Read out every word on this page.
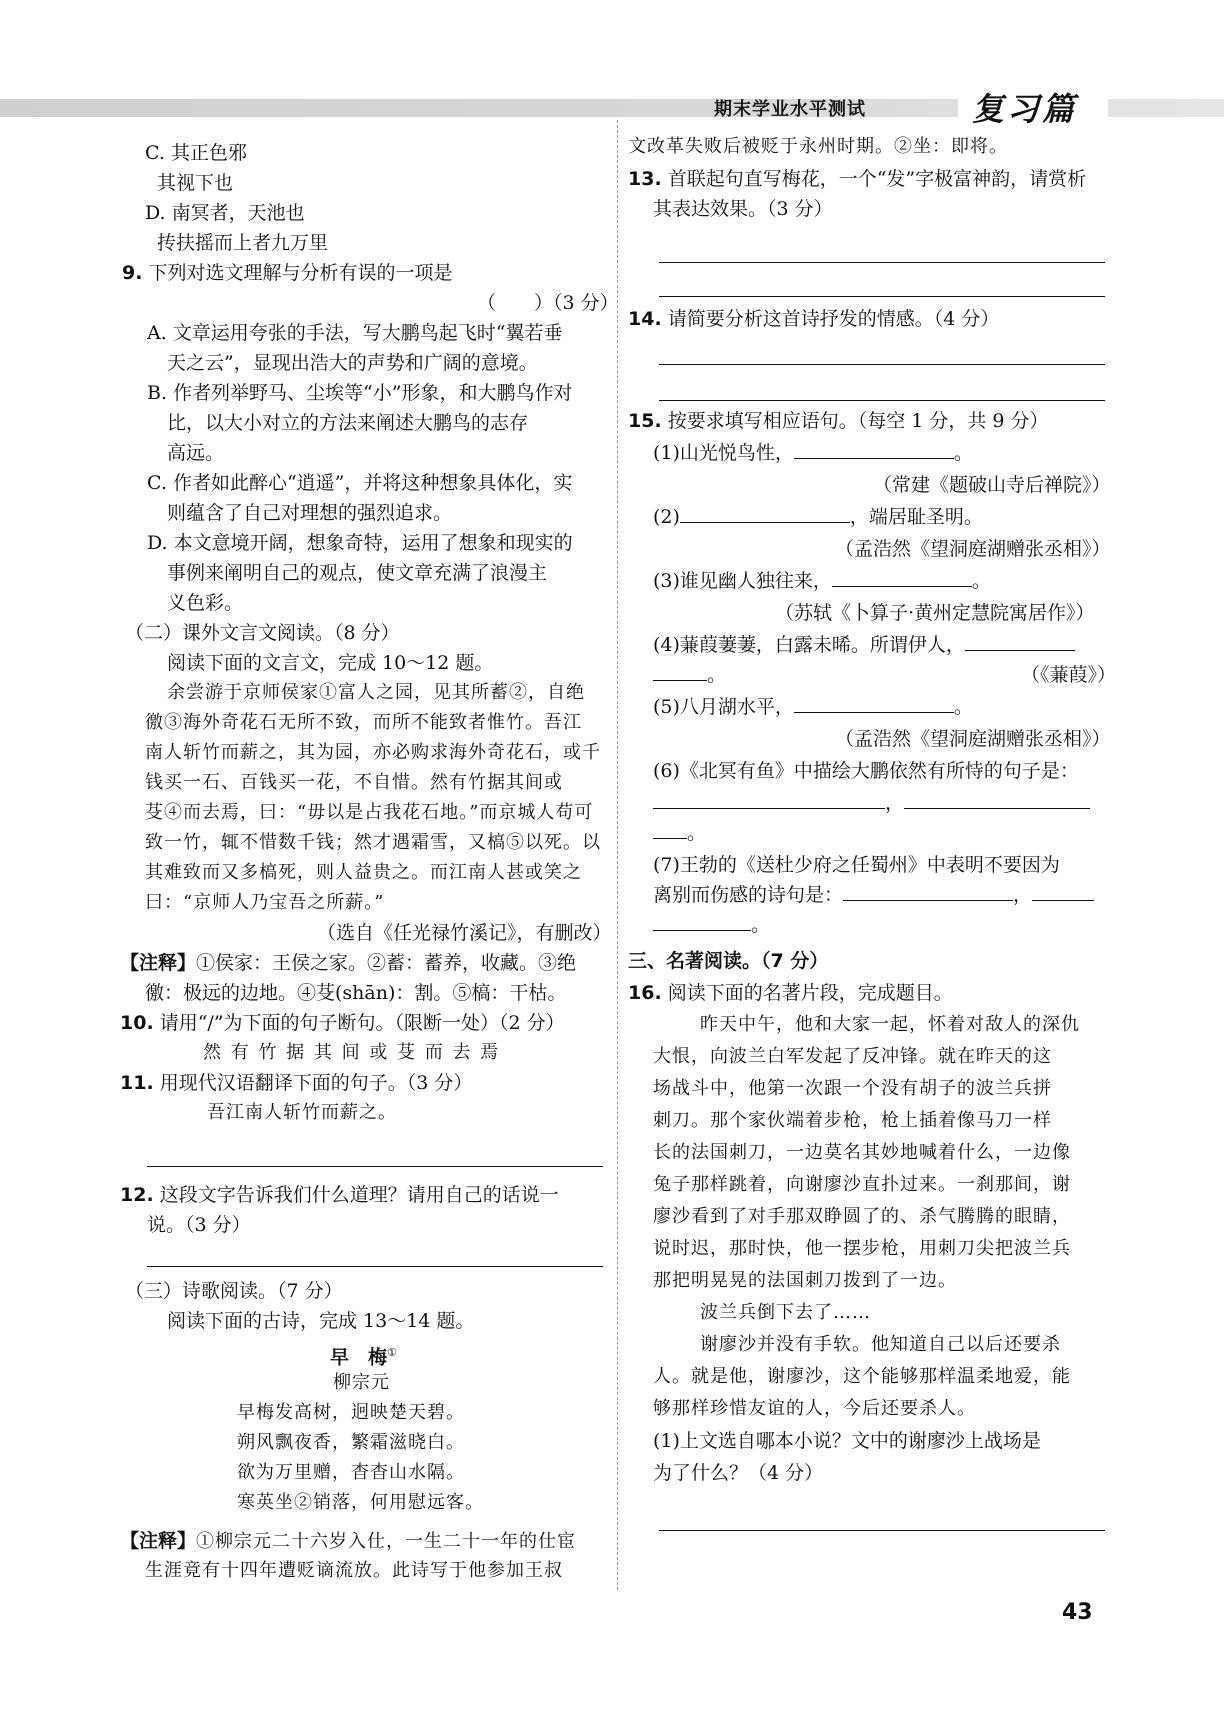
期末学业水平测试	复习篇
C. 其正色邪
其视下也
D. 南冥者，天池也
抟扶摇而上者九万里
9. 下列对选文理解与分析有误的一项是
（　　）（3 分）
A. 文章运用夸张的手法，写大鹏鸟起飞时“翼若垂
天之云”，显现出浩大的声势和广阔的意境。
B. 作者列举野马、尘埃等“小”形象，和大鹏鸟作对
比，以大小对立的方法来阐述大鹏鸟的志存
高远。
C. 作者如此醉心“逍遥”，并将这种想象具体化，实
则蕴含了自己对理想的强烈追求。
D. 本文意境开阔，想象奇特，运用了想象和现实的
事例来阐明自己的观点，使文章充满了浪漫主
义色彩。
（二）课外文言文阅读。（8 分）
阅读下面的文言文，完成 10～12 题。
余尝游于京师侯家①富人之园，见其所蓄②，自绝
徼③海外奇花石无所不致，而所不能致者惟竹。吾江
南人斩竹而薪之，其为园，亦必购求海外奇花石，或千
钱买一石、百钱买一花，不自惜。然有竹据其间或
芟④而去焉，曰：“毋以是占我花石地。”而京城人苟可
致一竹，辄不惜数千钱；然才遇霜雪，又槁⑤以死。以
其难致而又多槁死，则人益贵之。而江南人甚或笑之
曰：“京师人乃宝吾之所薪。”
（选自《任光禄竹溪记》，有删改）
【注释】①侯家：王侯之家。②蓄：蓄养，收藏。③绝
徼：极远的边地。④芟(shān)：割。⑤槁：干枯。
10. 请用“/”为下面的句子断句。（限断一处）（2 分）
然 有 竹 据 其 间 或 芟 而 去 焉
11. 用现代汉语翻译下面的句子。（3 分）
吾江南人斩竹而薪之。
12. 这段文字告诉我们什么道理？请用自己的话说一
说。（3 分）
（三）诗歌阅读。（7 分）
阅读下面的古诗，完成 13～14 题。
早　梅①
柳宗元
早梅发高树，迥映楚天碧。
朔风飘夜香，繁霜滋晓白。
欲为万里赠，杳杳山水隔。
寒英坐②销落，何用慰远客。
【注释】①柳宗元二十六岁入仕，一生二十一年的仕宦
生涯竟有十四年遭贬谪流放。此诗写于他参加王叔
文改革失败后被贬于永州时期。②坐：即将。
13. 首联起句直写梅花，一个“发”字极富神韵，请赏析
其表达效果。（3 分）
14. 请简要分析这首诗抒发的情感。（4 分）
15. 按要求填写相应语句。（每空 1 分，共 9 分）
(1)山光悦鸟性，	。
（常建《题破山寺后禅院》）
(2)	，端居耻圣明。
（孟浩然《望洞庭湖赠张丞相》）
(3)谁见幽人独往来，	。
（苏轼《卜算子·黄州定慧院寓居作》）
(4)蒹葭萋萋，白露未晞。所谓伊人，
。	（《蒹葭》）
(5)八月湖水平，	。
（孟浩然《望洞庭湖赠张丞相》）
(6)《北冥有鱼》中描绘大鹏依然有所恃的句子是：
，
。
(7)王勃的《送杜少府之任蜀州》中表明不要因为
离别而伤感的诗句是：	，
。
三、名著阅读。（7 分）
16. 阅读下面的名著片段，完成题目。
昨天中午，他和大家一起，怀着对敌人的深仇
大恨，向波兰白军发起了反冲锋。就在昨天的这
场战斗中，他第一次跟一个没有胡子的波兰兵拼
刺刀。那个家伙端着步枪，枪上插着像马刀一样
长的法国刺刀，一边莫名其妙地喊着什么，一边像
兔子那样跳着，向谢廖沙直扑过来。一刹那间，谢
廖沙看到了对手那双睁圆了的、杀气腾腾的眼睛，
说时迟，那时快，他一摆步枪，用刺刀尖把波兰兵
那把明晃晃的法国刺刀拨到了一边。
波兰兵倒下去了……
谢廖沙并没有手软。他知道自己以后还要杀
人。就是他，谢廖沙，这个能够那样温柔地爱，能
够那样珍惜友谊的人，今后还要杀人。
(1)上文选自哪本小说？文中的谢廖沙上战场是
为了什么？（4 分）
43
